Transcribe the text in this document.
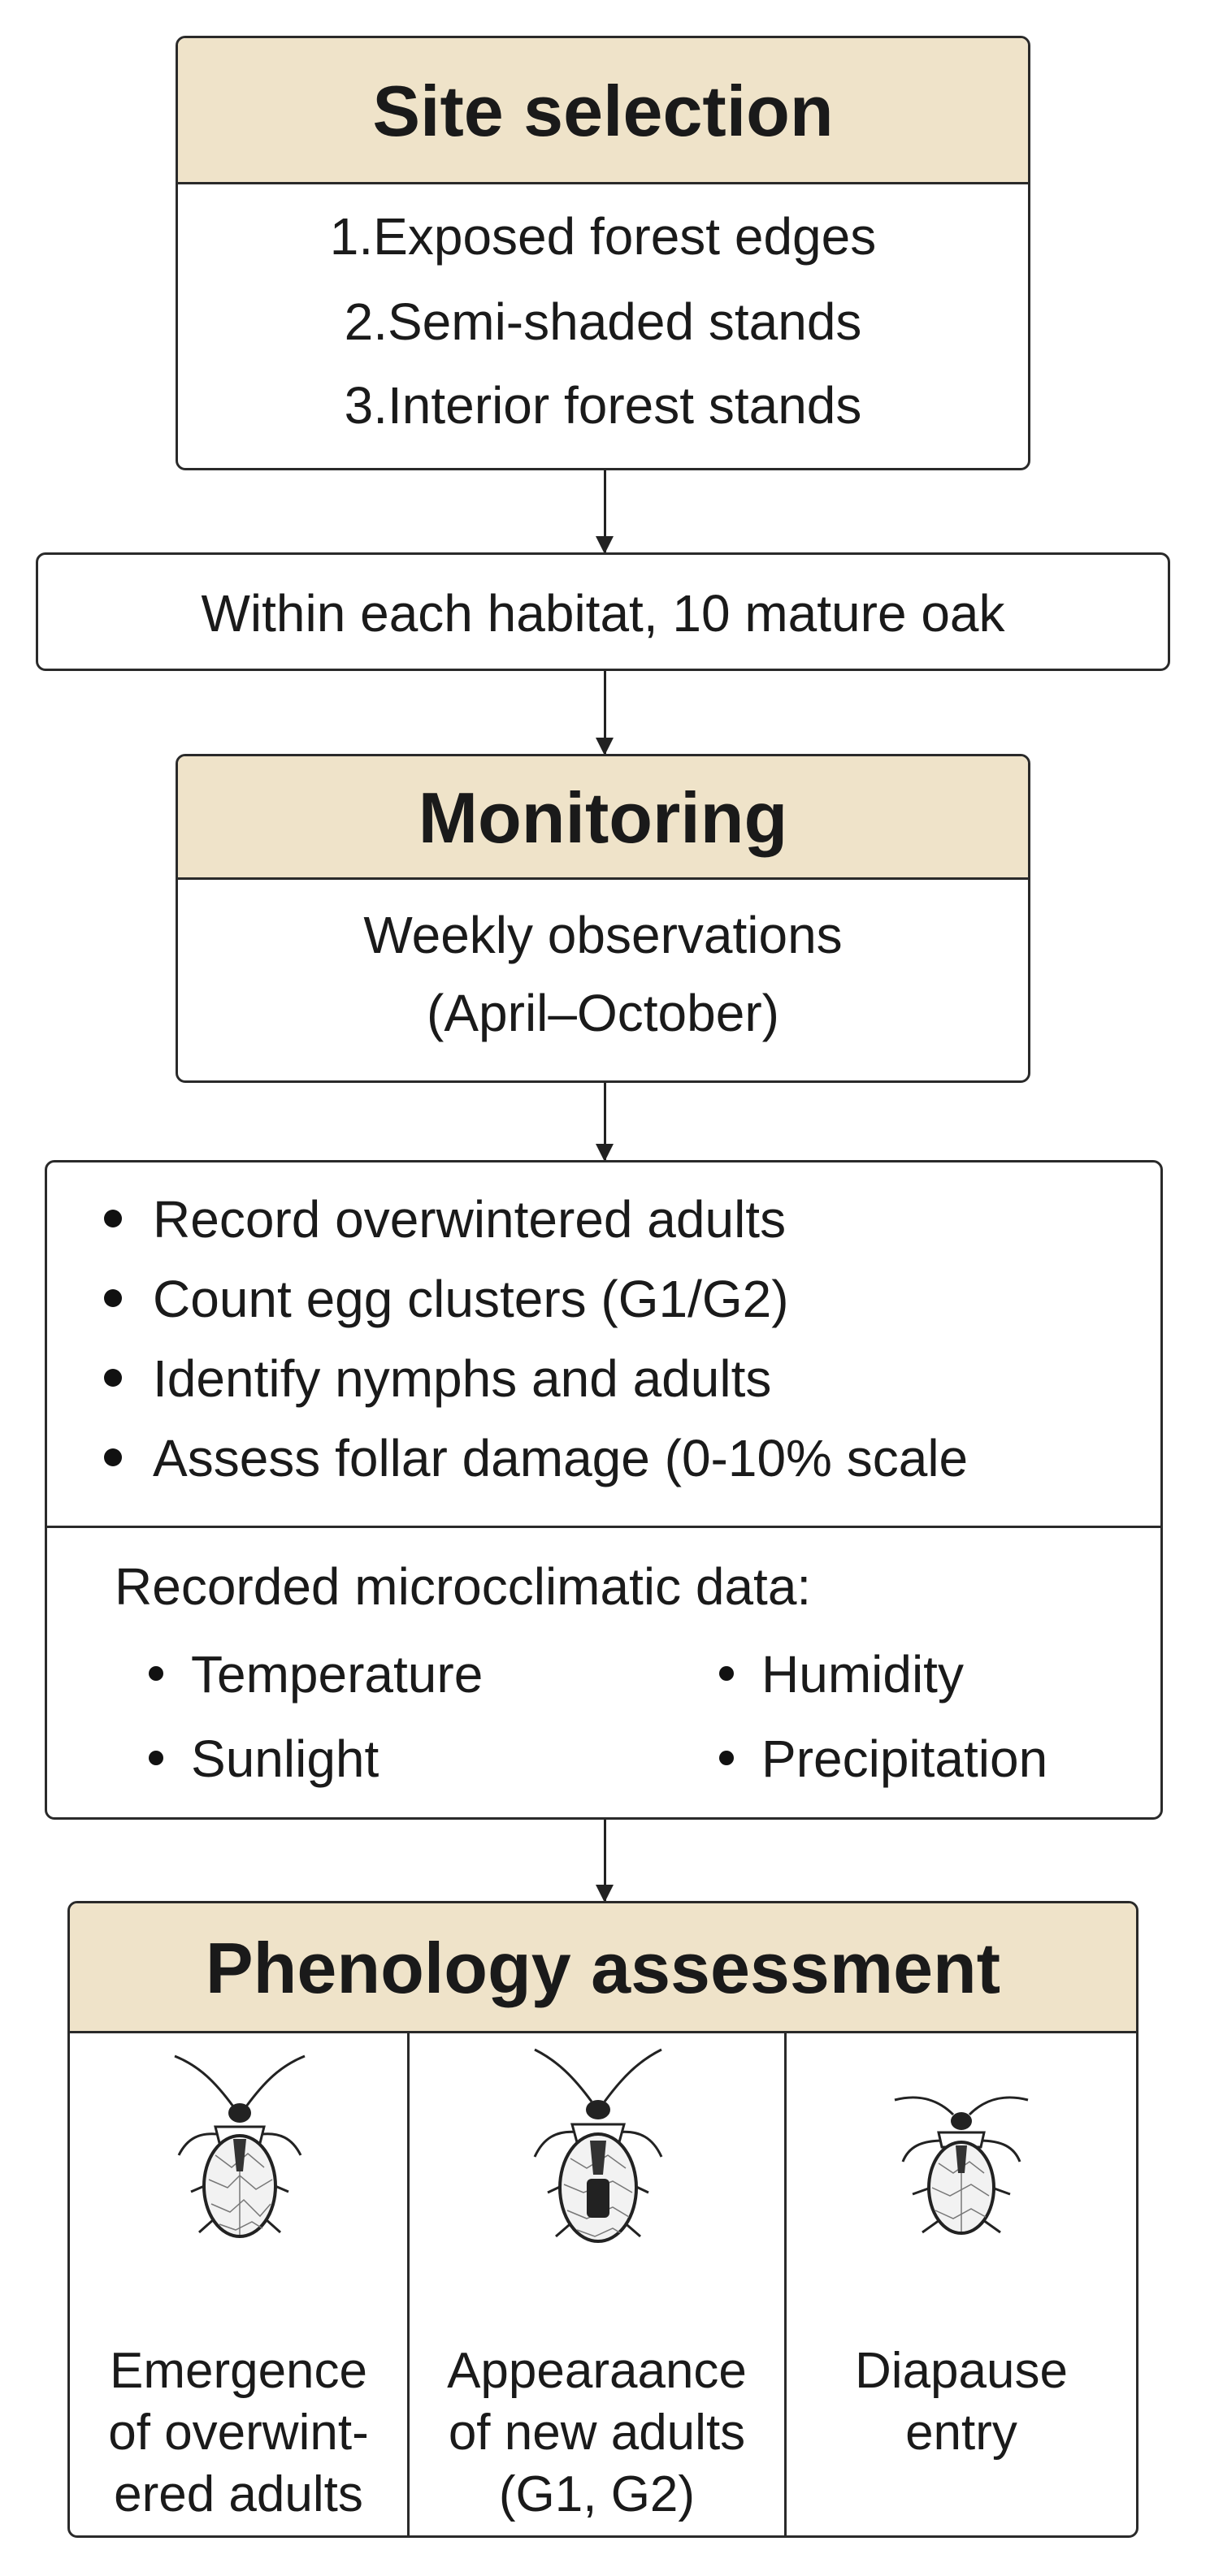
Site selection
1.Exposed forest edges
2.Semi-shaded stands
3.Interior forest stands
Within each habitat, 10 mature oak
Monitoring
Weekly observations
(April–October)
Record overwintered adults
Count egg clusters (G1/G2)
Identify nymphs and adults
Assess follar damage (0-10% scale
Recorded microcclimatic data:
Temperature	Humidity
Sunlight	Precipitation
Phenology assessment
Emergence
of overwint-
ered adults
Appearaance
of new adults
(G1, G2)
Diapause
entry
